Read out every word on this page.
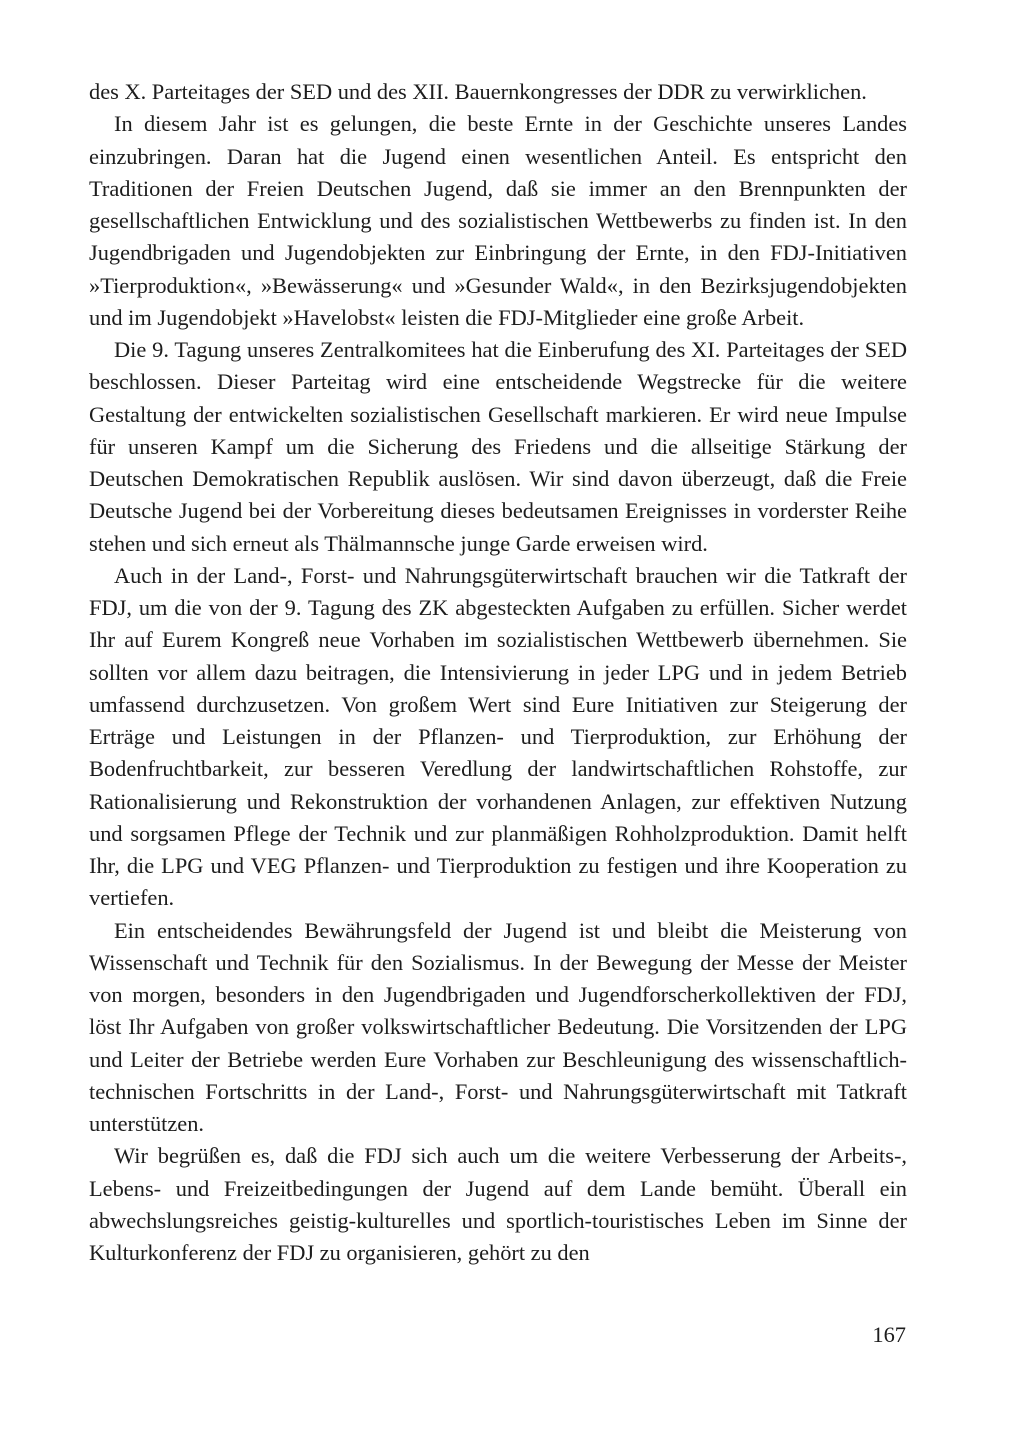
des X. Parteitages der SED und des XII. Bauernkongresses der DDR zu verwirklichen.

In diesem Jahr ist es gelungen, die beste Ernte in der Geschichte unseres Landes einzubringen. Daran hat die Jugend einen wesentlichen Anteil. Es entspricht den Traditionen der Freien Deutschen Jugend, daß sie immer an den Brennpunkten der gesellschaftlichen Entwicklung und des sozialistischen Wettbewerbs zu finden ist. In den Jugendbrigaden und Jugendobjekten zur Einbringung der Ernte, in den FDJ-Initiativen »Tierproduktion«, »Bewässerung« und »Gesunder Wald«, in den Bezirksjugendobjekten und im Jugendobjekt »Havelobst« leisten die FDJ-Mitglieder eine große Arbeit.

Die 9. Tagung unseres Zentralkomitees hat die Einberufung des XI. Parteitages der SED beschlossen. Dieser Parteitag wird eine entscheidende Wegstrecke für die weitere Gestaltung der entwickelten sozialistischen Gesellschaft markieren. Er wird neue Impulse für unseren Kampf um die Sicherung des Friedens und die allseitige Stärkung der Deutschen Demokratischen Republik auslösen. Wir sind davon überzeugt, daß die Freie Deutsche Jugend bei der Vorbereitung dieses bedeutsamen Ereignisses in vorderster Reihe stehen und sich erneut als Thälmannsche junge Garde erweisen wird.

Auch in der Land-, Forst- und Nahrungsgüterwirtschaft brauchen wir die Tatkraft der FDJ, um die von der 9. Tagung des ZK abgesteckten Aufgaben zu erfüllen. Sicher werdet Ihr auf Eurem Kongreß neue Vorhaben im sozialistischen Wettbewerb übernehmen. Sie sollten vor allem dazu beitragen, die Intensivierung in jeder LPG und in jedem Betrieb umfassend durchzusetzen. Von großem Wert sind Eure Initiativen zur Steigerung der Erträge und Leistungen in der Pflanzen- und Tierproduktion, zur Erhöhung der Bodenfruchtbarkeit, zur besseren Veredlung der landwirtschaftlichen Rohstoffe, zur Rationalisierung und Rekonstruktion der vorhandenen Anlagen, zur effektiven Nutzung und sorgsamen Pflege der Technik und zur planmäßigen Rohholzproduktion. Damit helft Ihr, die LPG und VEG Pflanzen- und Tierproduktion zu festigen und ihre Kooperation zu vertiefen.

Ein entscheidendes Bewährungsfeld der Jugend ist und bleibt die Meisterung von Wissenschaft und Technik für den Sozialismus. In der Bewegung der Messe der Meister von morgen, besonders in den Jugendbrigaden und Jugendforscherkollektiven der FDJ, löst Ihr Aufgaben von großer volkswirtschaftlicher Bedeutung. Die Vorsitzenden der LPG und Leiter der Betriebe werden Eure Vorhaben zur Beschleunigung des wissenschaftlich-technischen Fortschritts in der Land-, Forst- und Nahrungsgüterwirtschaft mit Tatkraft unterstützen.

Wir begrüßen es, daß die FDJ sich auch um die weitere Verbesserung der Arbeits-, Lebens- und Freizeitbedingungen der Jugend auf dem Lande bemüht. Überall ein abwechslungsreiches geistig-kulturelles und sportlich-touristisches Leben im Sinne der Kulturkonferenz der FDJ zu organisieren, gehört zu den

167
